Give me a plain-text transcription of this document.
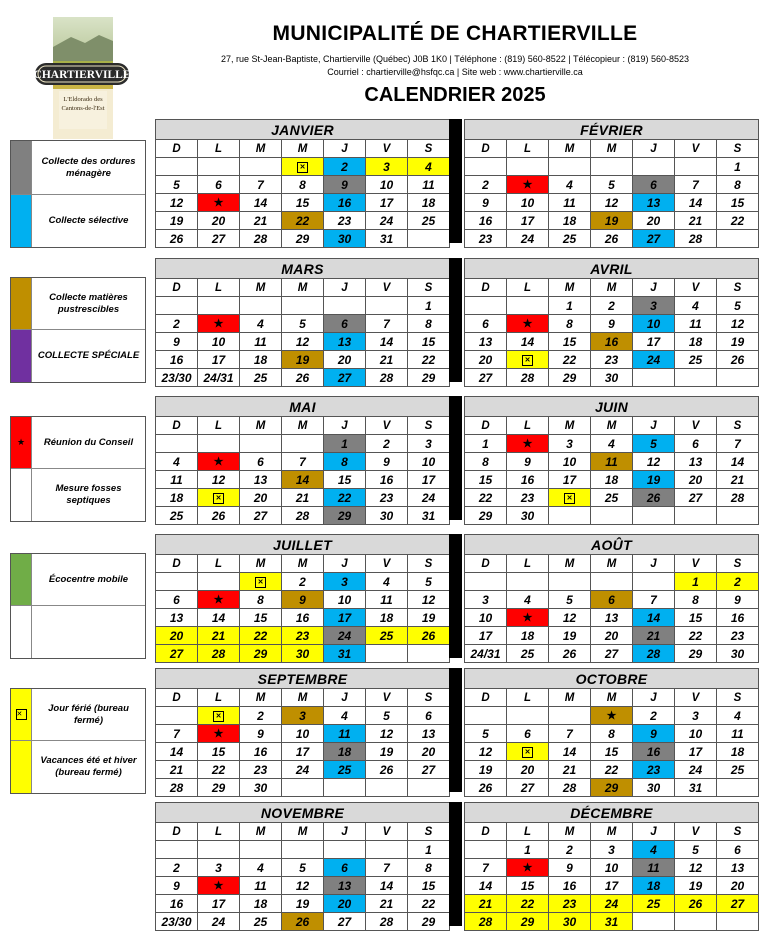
CHARTIERVILLE
L'Eldorado des
Cantons-de-l'Est
MUNICIPALITÉ DE CHARTIERVILLE
27, rue St-Jean-Baptiste, Chartierville (Québec) J0B 1K0 | Téléphone : (819) 560-8522 | Télécopieur : (819) 560-8523
Courriel : chartierville@hsfqc.ca | Site web : www.chartierville.ca
CALENDRIER 2025
JANVIER						
D	L	M	M	J	V	S
			✕	2	3	4
5	6	7	8	9	10	11
12	★	14	15	16	17	18
19	20	21	22	23	24	25
26	27	28	29	30	31	
FÉVRIER						
D	L	M	M	J	V	S
						1
2	★	4	5	6	7	8
9	10	11	12	13	14	15
16	17	18	19	20	21	22
23	24	25	26	27	28	
MARS						
D	L	M	M	J	V	S
						1
2	★	4	5	6	7	8
9	10	11	12	13	14	15
16	17	18	19	20	21	22
23/30	24/31	25	26	27	28	29
AVRIL						
D	L	M	M	J	V	S
		1	2	3	4	5
6	★	8	9	10	11	12
13	14	15	16	17	18	19
20	✕	22	23	24	25	26
27	28	29	30			
MAI						
D	L	M	M	J	V	S
				1	2	3
4	★	6	7	8	9	10
11	12	13	14	15	16	17
18	✕	20	21	22	23	24
25	26	27	28	29	30	31
JUIN						
D	L	M	M	J	V	S
1	★	3	4	5	6	7
8	9	10	11	12	13	14
15	16	17	18	19	20	21
22	23	✕	25	26	27	28
29	30					
JUILLET						
D	L	M	M	J	V	S
		✕	2	3	4	5
6	★	8	9	10	11	12
13	14	15	16	17	18	19
20	21	22	23	24	25	26
27	28	29	30	31		
AOÛT						
D	L	M	M	J	V	S
					1	2
3	4	5	6	7	8	9
10	★	12	13	14	15	16
17	18	19	20	21	22	23
24/31	25	26	27	28	29	30
SEPTEMBRE						
D	L	M	M	J	V	S
	✕	2	3	4	5	6
7	★	9	10	11	12	13
14	15	16	17	18	19	20
21	22	23	24	25	26	27
28	29	30				
OCTOBRE						
D	L	M	M	J	V	S
			★	2	3	4
5	6	7	8	9	10	11
12	✕	14	15	16	17	18
19	20	21	22	23	24	25
26	27	28	29	30	31	
NOVEMBRE						
D	L	M	M	J	V	S
						1
2	3	4	5	6	7	8
9	★	11	12	13	14	15
16	17	18	19	20	21	22
23/30	24	25	26	27	28	29
DÉCEMBRE						
D	L	M	M	J	V	S
	1	2	3	4	5	6
7	★	9	10	11	12	13
14	15	16	17	18	19	20
21	22	23	24	25	26	27
28	29	30	31			
Collecte des ordures ménagère
Collecte sélective
Collecte matières pustrescibles
COLLECTE SPÉCIALE
★	Réunion du Conseil
Mesure fosses septiques
Écocentre mobile
✕
Jour férié (bureau fermé)
Vacances été et hiver (bureau fermé)
